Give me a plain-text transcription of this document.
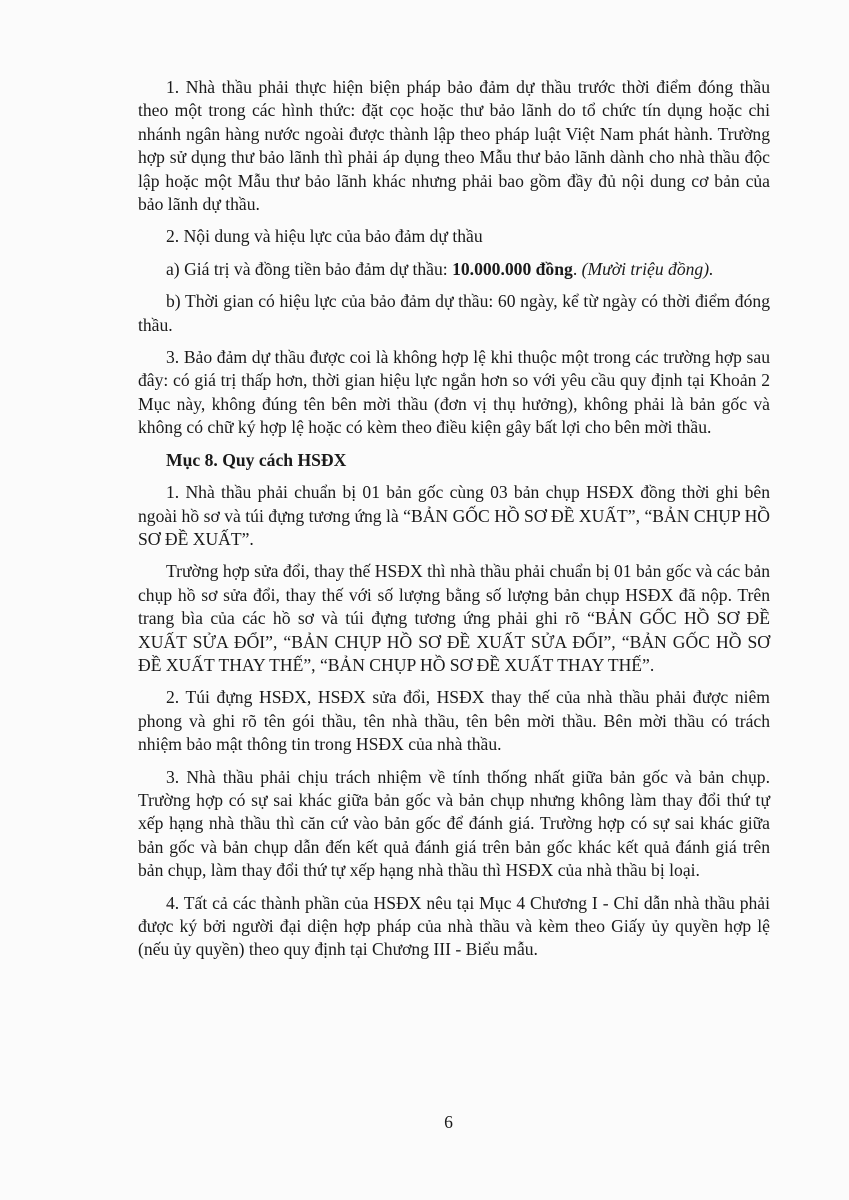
1. Nhà thầu phải thực hiện biện pháp bảo đảm dự thầu trước thời điểm đóng thầu theo một trong các hình thức: đặt cọc hoặc thư bảo lãnh do tổ chức tín dụng hoặc chi nhánh ngân hàng nước ngoài được thành lập theo pháp luật Việt Nam phát hành. Trường hợp sử dụng thư bảo lãnh thì phải áp dụng theo Mẫu thư bảo lãnh dành cho nhà thầu độc lập hoặc một Mẫu thư bảo lãnh khác nhưng phải bao gồm đầy đủ nội dung cơ bản của bảo lãnh dự thầu.

2. Nội dung và hiệu lực của bảo đảm dự thầu

a) Giá trị và đồng tiền bảo đảm dự thầu: 10.000.000 đồng. (Mười triệu đồng).

b) Thời gian có hiệu lực của bảo đảm dự thầu: 60 ngày, kể từ ngày có thời điểm đóng thầu.

3. Bảo đảm dự thầu được coi là không hợp lệ khi thuộc một trong các trường hợp sau đây: có giá trị thấp hơn, thời gian hiệu lực ngắn hơn so với yêu cầu quy định tại Khoản 2 Mục này, không đúng tên bên mời thầu (đơn vị thụ hưởng), không phải là bản gốc và không có chữ ký hợp lệ hoặc có kèm theo điều kiện gây bất lợi cho bên mời thầu.

Mục 8. Quy cách HSĐX

1. Nhà thầu phải chuẩn bị 01 bản gốc cùng 03 bản chụp HSĐX đồng thời ghi bên ngoài hồ sơ và túi đựng tương ứng là “BẢN GỐC HỒ SƠ ĐỀ XUẤT”, “BẢN CHỤP HỒ SƠ ĐỀ XUẤT”.

Trường hợp sửa đổi, thay thế HSĐX thì nhà thầu phải chuẩn bị 01 bản gốc và các bản chụp hồ sơ sửa đổi, thay thế với số lượng bằng số lượng bản chụp HSĐX đã nộp. Trên trang bìa của các hồ sơ và túi đựng tương ứng phải ghi rõ “BẢN GỐC HỒ SƠ ĐỀ XUẤT SỬA ĐỔI”, “BẢN CHỤP HỒ SƠ ĐỀ XUẤT SỬA ĐỔI”, “BẢN GỐC HỒ SƠ ĐỀ XUẤT THAY THẾ”, “BẢN CHỤP HỒ SƠ ĐỀ XUẤT THAY THẾ”.

2. Túi đựng HSĐX, HSĐX sửa đổi, HSĐX thay thế của nhà thầu phải được niêm phong và ghi rõ tên gói thầu, tên nhà thầu, tên bên mời thầu. Bên mời thầu có trách nhiệm bảo mật thông tin trong HSĐX của nhà thầu.

3. Nhà thầu phải chịu trách nhiệm về tính thống nhất giữa bản gốc và bản chụp. Trường hợp có sự sai khác giữa bản gốc và bản chụp nhưng không làm thay đổi thứ tự xếp hạng nhà thầu thì căn cứ vào bản gốc để đánh giá. Trường hợp có sự sai khác giữa bản gốc và bản chụp dẫn đến kết quả đánh giá trên bản gốc khác kết quả đánh giá trên bản chụp, làm thay đổi thứ tự xếp hạng nhà thầu thì HSĐX của nhà thầu bị loại.

4. Tất cả các thành phần của HSĐX nêu tại Mục 4 Chương I - Chỉ dẫn nhà thầu phải được ký bởi người đại diện hợp pháp của nhà thầu và kèm theo Giấy ủy quyền hợp lệ (nếu ủy quyền) theo quy định tại Chương III - Biểu mẫu.

6
